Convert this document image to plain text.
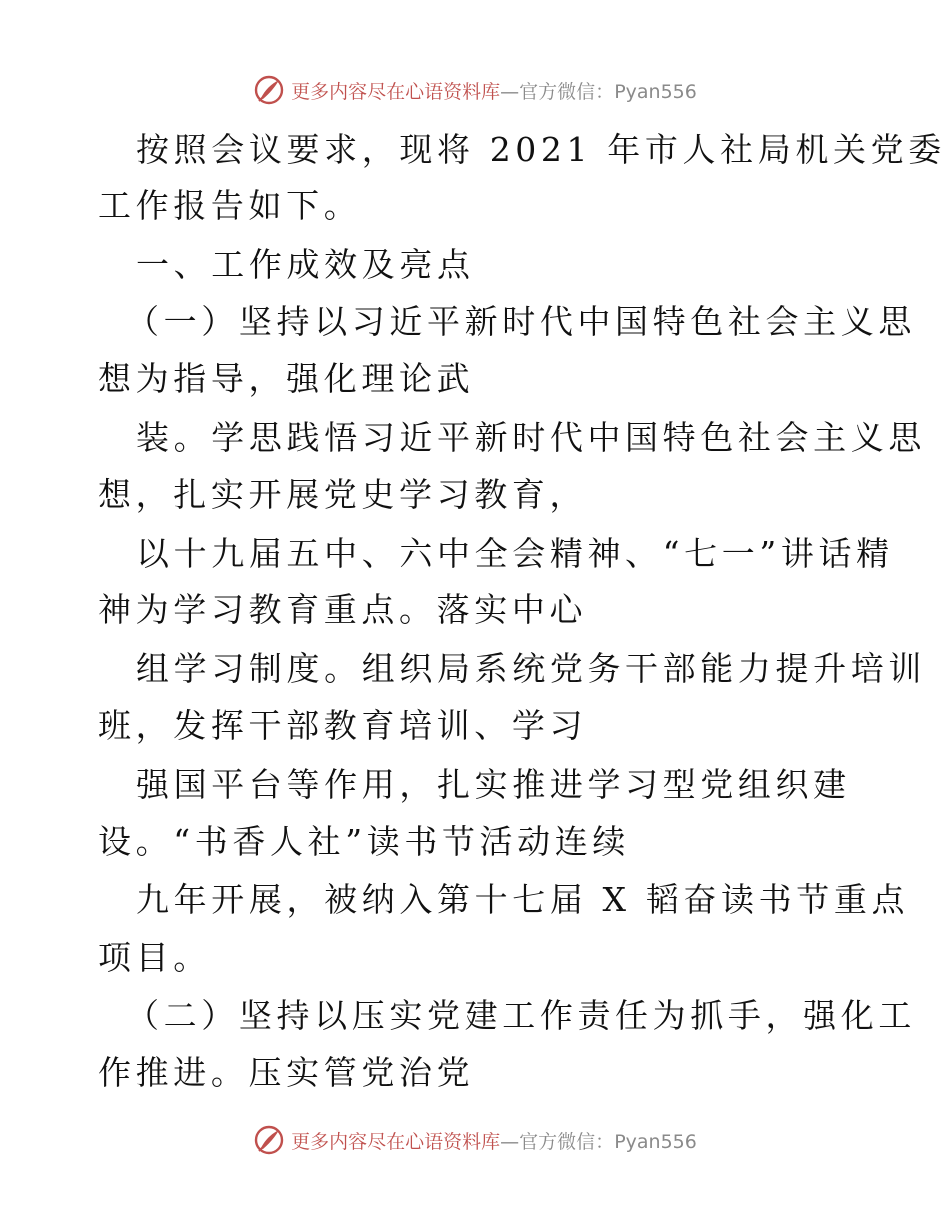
更多内容尽在心语资料库—官方微信：Pyan556
按照会议要求，现将 2021 年市人社局机关党委
工作报告如下。
一、工作成效及亮点
（一）坚持以习近平新时代中国特色社会主义思
想为指导，强化理论武
装。学思践悟习近平新时代中国特色社会主义思
想，扎实开展党史学习教育，
以十九届五中、六中全会精神、“七一”讲话精
神为学习教育重点。落实中心
组学习制度。组织局系统党务干部能力提升培训
班，发挥干部教育培训、学习
强国平台等作用，扎实推进学习型党组织建
设。“书香人社”读书节活动连续
九年开展，被纳入第十七届 X 韬奋读书节重点
项目。
（二）坚持以压实党建工作责任为抓手，强化工
作推进。压实管党治党
更多内容尽在心语资料库—官方微信：Pyan556
